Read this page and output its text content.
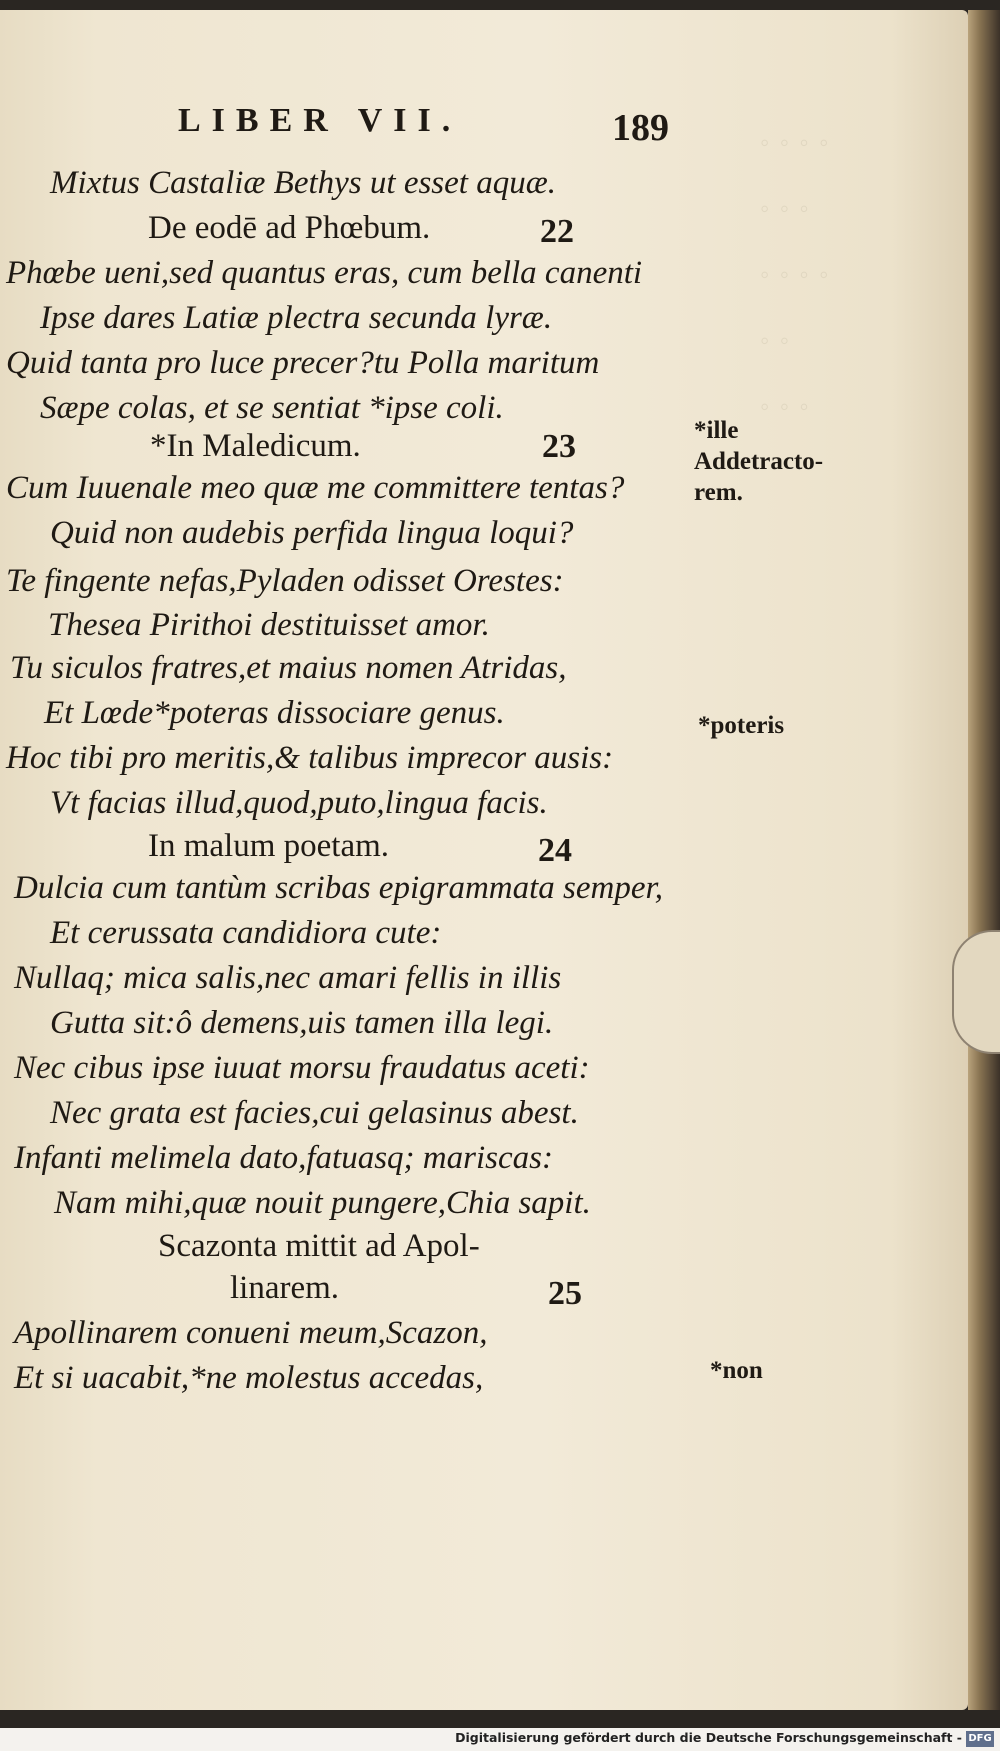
◦ ◦ ◦ ◦
◦ ◦ ◦
◦ ◦ ◦ ◦
◦ ◦
◦ ◦ ◦
LIBER VII.	189
Mixtus Castaliæ Bethys ut esset aquæ.
De eodē ad Phœbum.	22
Phœbe ueni,sed quantus eras, cum bella canenti
Ipse dares Latiæ plectra secunda lyræ.
Quid tanta pro luce precer?tu Polla maritum
Sæpe colas, et se sentiat *ipse coli.
*In Maledicum.	23
Cum Iuuenale meo quæ me committere tentas?
Quid non audebis perfida lingua loqui?
Te fingente nefas,Pyladen odisset Orestes:
Thesea Pirithoi destituisset amor.
Tu siculos fratres,et maius nomen Atridas,
Et Lœde*poteras dissociare genus.
Hoc tibi pro meritis,& talibus imprecor ausis:
Vt facias illud,quod,puto,lingua facis.
In malum poetam.	24
Dulcia cum tantùm scribas epigrammata semper,
Et cerussata candidiora cute:
Nullaq; mica salis,nec amari fellis in illis
Gutta sit:ô demens,uis tamen illa legi.
Nec cibus ipse iuuat morsu fraudatus aceti:
Nec grata est facies,cui gelasinus abest.
Infanti melimela dato,fatuasq; mariscas:
Nam mihi,quæ nouit pungere,Chia sapit.
Scazonta mittit ad Apol-
linarem.	25
Apollinarem conueni meum,Scazon,
Et si uacabit,*ne molestus accedas,
*ille
Addetracto-
rem.
*poteris
*non
Digitalisierung gefördert durch die Deutsche Forschungsgemeinschaft - DFG
